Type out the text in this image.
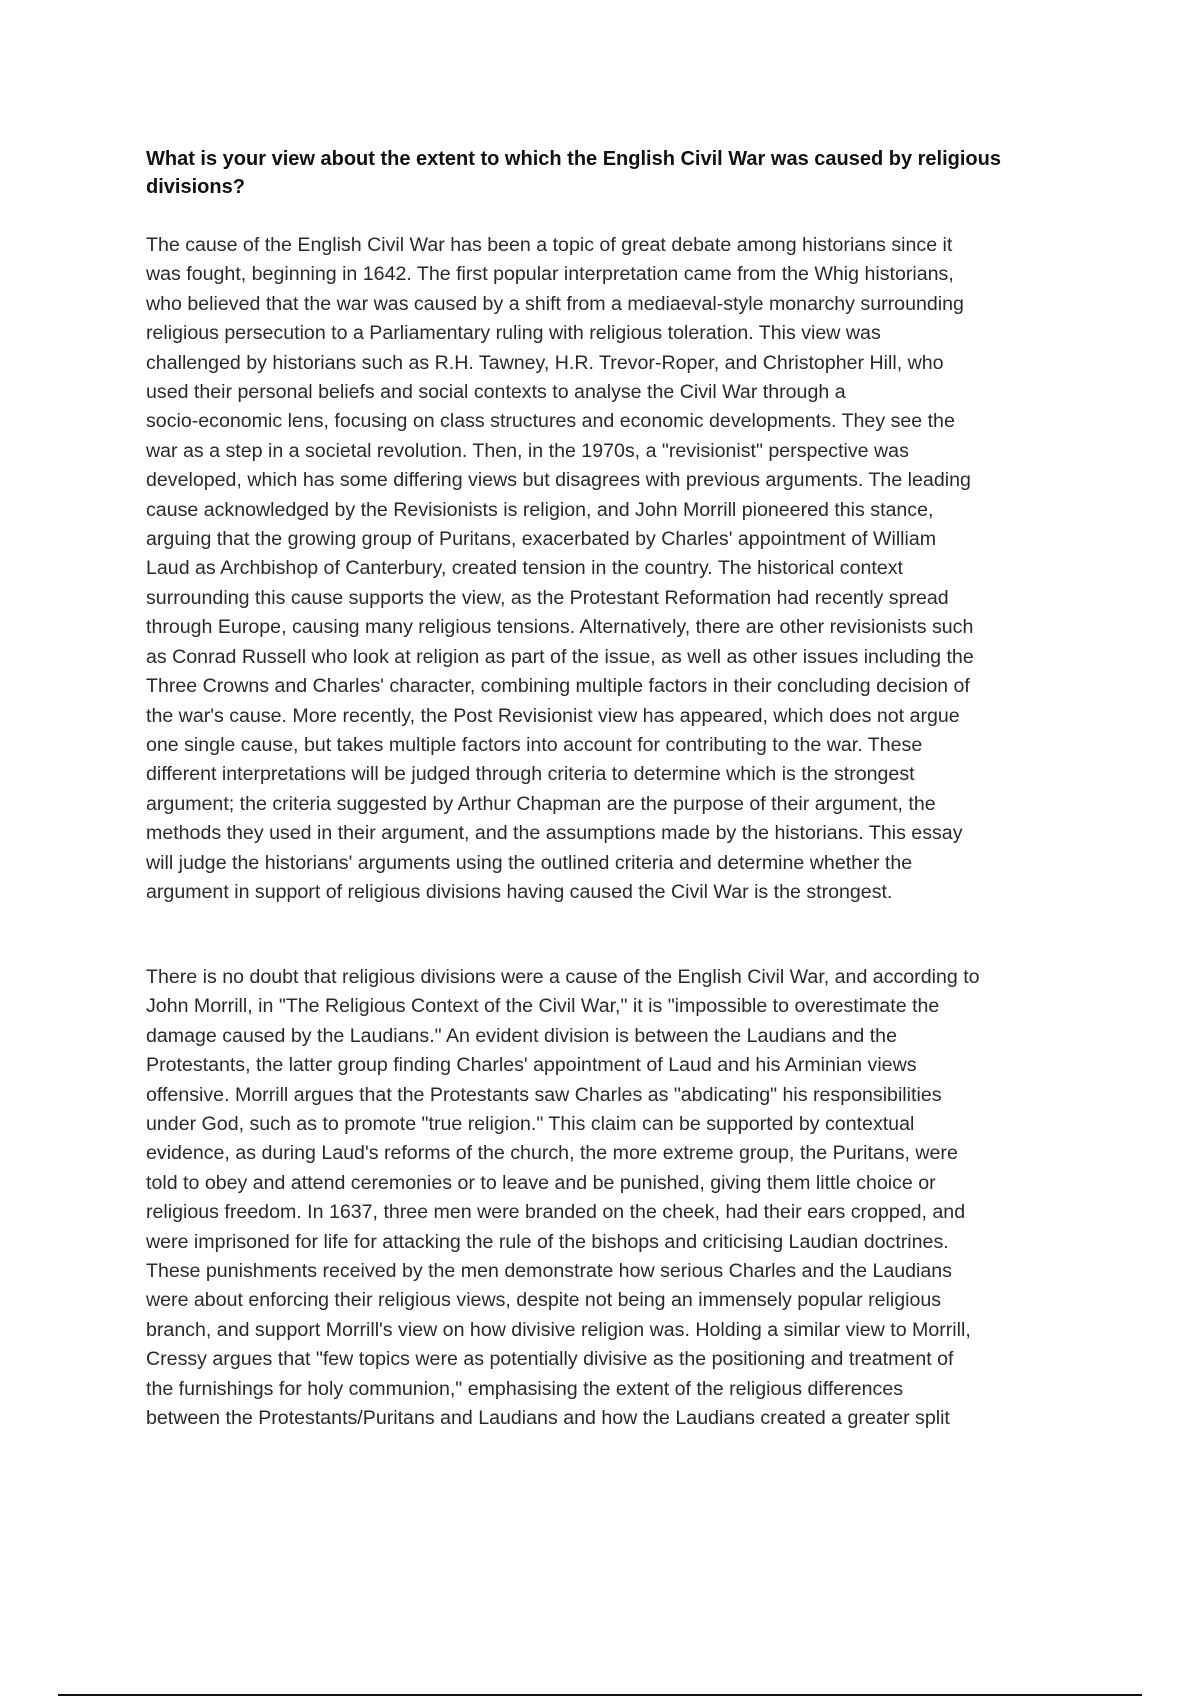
What is your view about the extent to which the English Civil War was caused by religious divisions?

The cause of the English Civil War has been a topic of great debate among historians since it
was fought, beginning in 1642. The first popular interpretation came from the Whig historians,
who believed that the war was caused by a shift from a mediaeval-style monarchy surrounding
religious persecution to a Parliamentary ruling with religious toleration. This view was
challenged by historians such as R.H. Tawney, H.R. Trevor-Roper, and Christopher Hill, who
used their personal beliefs and social contexts to analyse the Civil War through a
socio-economic lens, focusing on class structures and economic developments. They see the
war as a step in a societal revolution. Then, in the 1970s, a "revisionist" perspective was
developed, which has some differing views but disagrees with previous arguments. The leading
cause acknowledged by the Revisionists is religion, and John Morrill pioneered this stance,
arguing that the growing group of Puritans, exacerbated by Charles' appointment of William
Laud as Archbishop of Canterbury, created tension in the country. The historical context
surrounding this cause supports the view, as the Protestant Reformation had recently spread
through Europe, causing many religious tensions. Alternatively, there are other revisionists such
as Conrad Russell who look at religion as part of the issue, as well as other issues including the
Three Crowns and Charles' character, combining multiple factors in their concluding decision of
the war's cause. More recently, the Post Revisionist view has appeared, which does not argue
one single cause, but takes multiple factors into account for contributing to the war. These
different interpretations will be judged through criteria to determine which is the strongest
argument; the criteria suggested by Arthur Chapman are the purpose of their argument, the
methods they used in their argument, and the assumptions made by the historians. This essay
will judge the historians' arguments using the outlined criteria and determine whether the
argument in support of religious divisions having caused the Civil War is the strongest.

There is no doubt that religious divisions were a cause of the English Civil War, and according to
John Morrill, in "The Religious Context of the Civil War," it is "impossible to overestimate the
damage caused by the Laudians." An evident division is between the Laudians and the
Protestants, the latter group finding Charles' appointment of Laud and his Arminian views
offensive. Morrill argues that the Protestants saw Charles as "abdicating" his responsibilities
under God, such as to promote "true religion." This claim can be supported by contextual
evidence, as during Laud's reforms of the church, the more extreme group, the Puritans, were
told to obey and attend ceremonies or to leave and be punished, giving them little choice or
religious freedom. In 1637, three men were branded on the cheek, had their ears cropped, and
were imprisoned for life for attacking the rule of the bishops and criticising Laudian doctrines.
These punishments received by the men demonstrate how serious Charles and the Laudians
were about enforcing their religious views, despite not being an immensely popular religious
branch, and support Morrill's view on how divisive religion was. Holding a similar view to Morrill,
Cressy argues that "few topics were as potentially divisive as the positioning and treatment of
the furnishings for holy communion," emphasising the extent of the religious differences
between the Protestants/Puritans and Laudians and how the Laudians created a greater split
